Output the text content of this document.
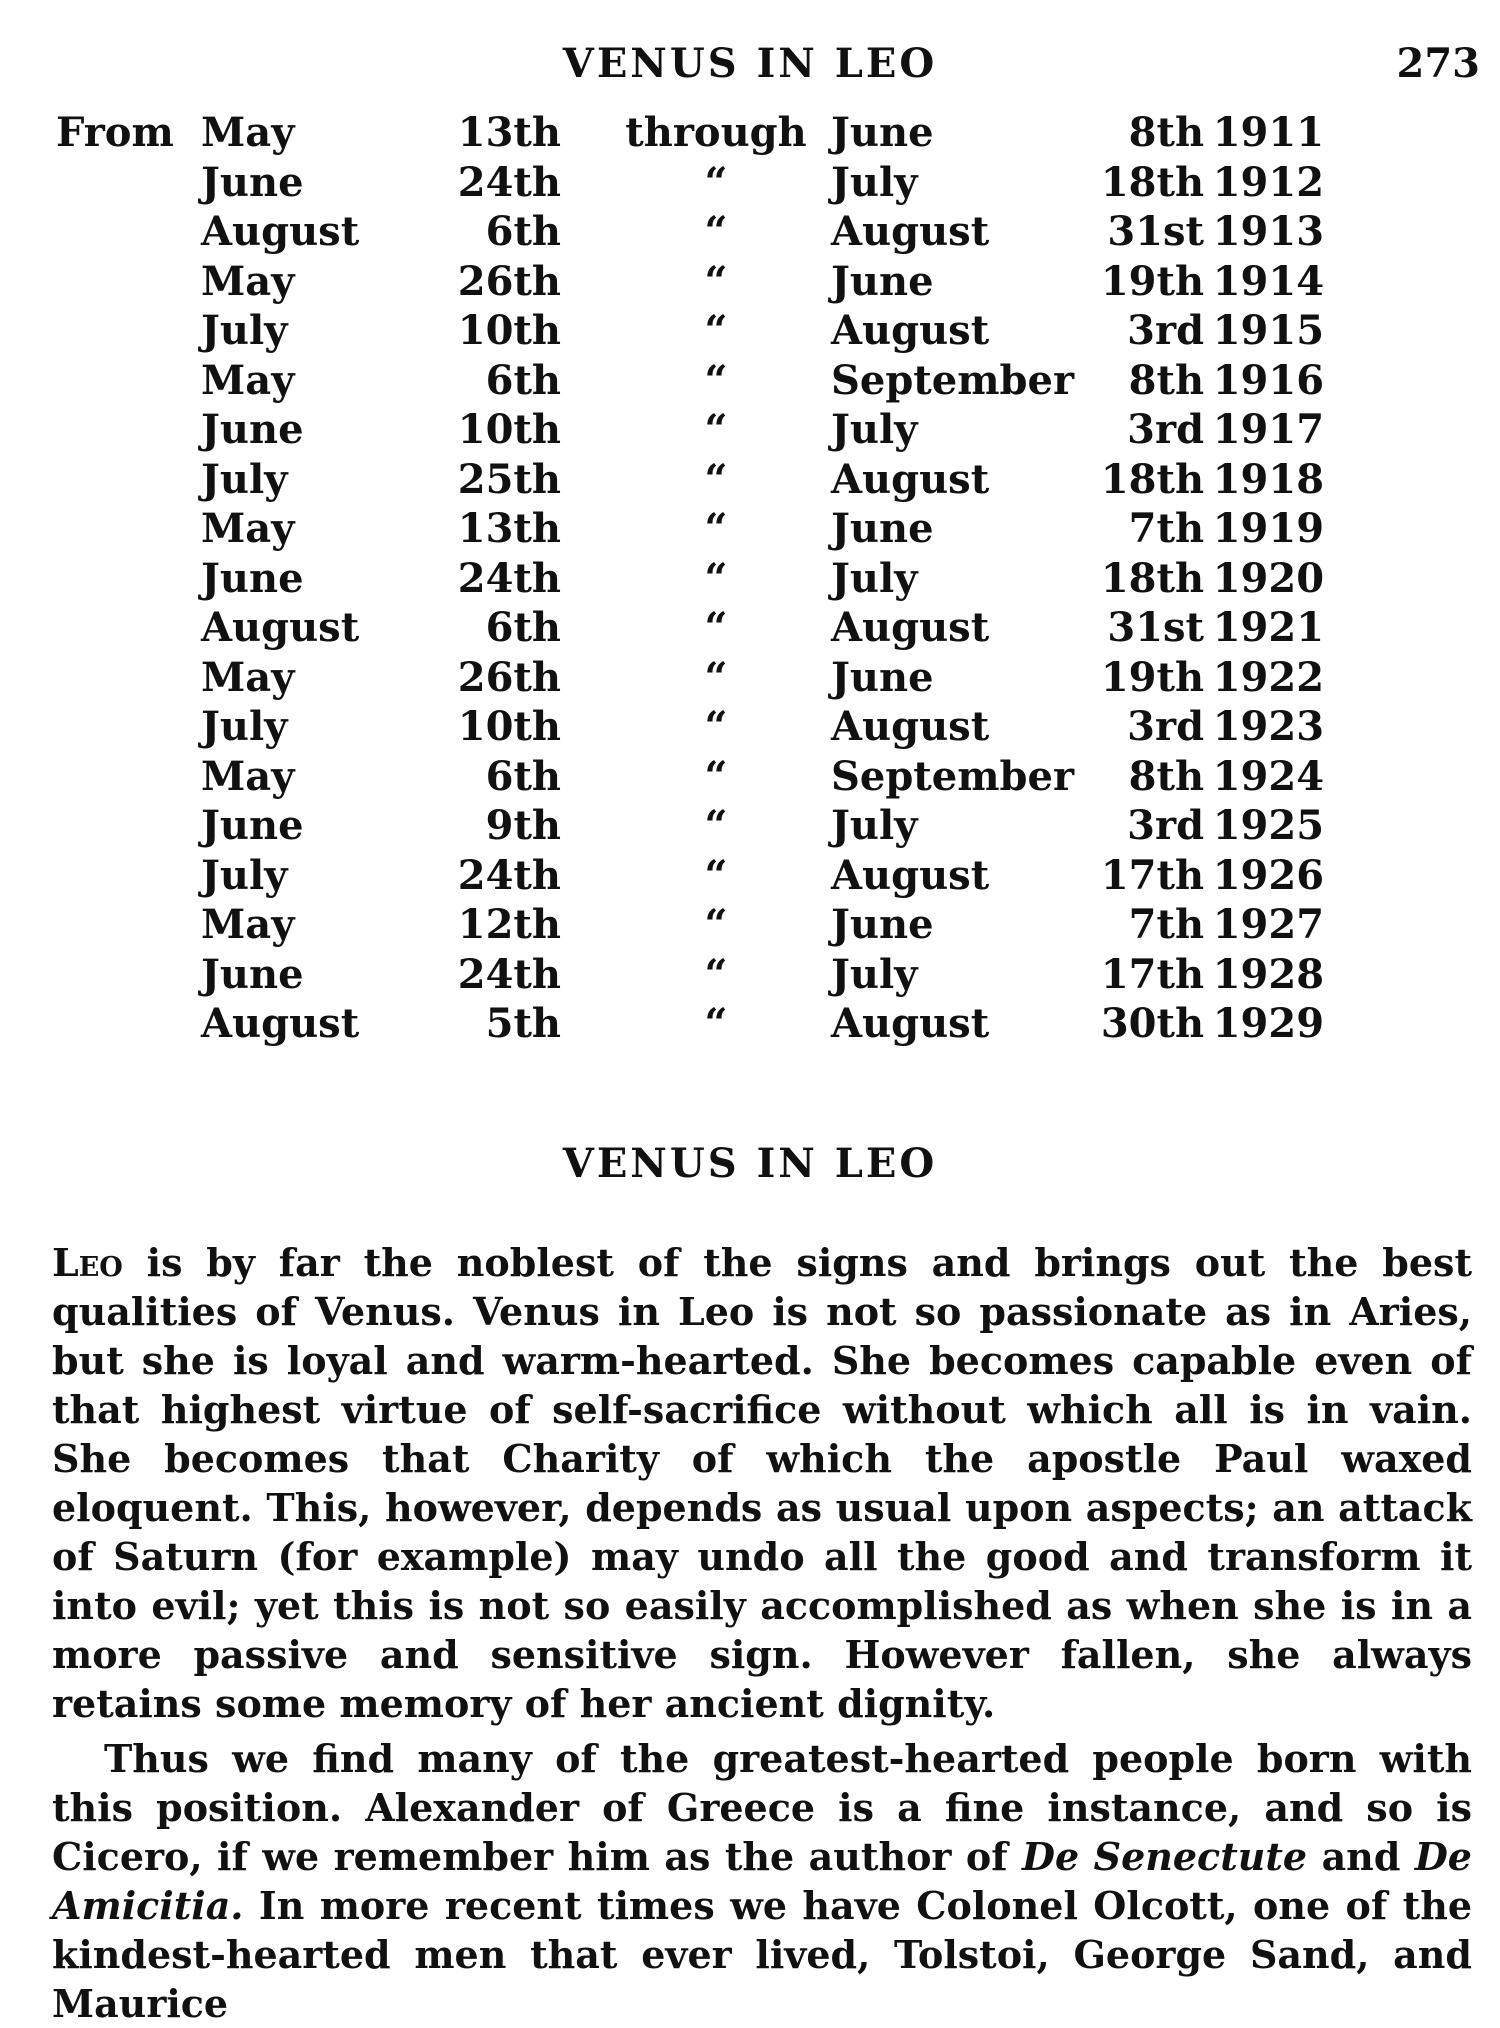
VENUS IN LEO	273
From	May	13th	through	June	8th	1911
	June	24th	“	July	18th	1912
	August	6th	“	August	31st	1913
	May	26th	“	June	19th	1914
	July	10th	“	August	3rd	1915
	May	6th	“	September	8th	1916
	June	10th	“	July	3rd	1917
	July	25th	“	August	18th	1918
	May	13th	“	June	7th	1919
	June	24th	“	July	18th	1920
	August	6th	“	August	31st	1921
	May	26th	“	June	19th	1922
	July	10th	“	August	3rd	1923
	May	6th	“	September	8th	1924
	June	9th	“	July	3rd	1925
	July	24th	“	August	17th	1926
	May	12th	“	June	7th	1927
	June	24th	“	July	17th	1928
	August	5th	“	August	30th	1929
VENUS IN LEO

Leo is by far the noblest of the signs and brings out the best qualities of Venus. Venus in Leo is not so passionate as in Aries, but she is loyal and warm-hearted. She becomes capable even of that highest virtue of self-sacrifice without which all is in vain. She becomes that Charity of which the apostle Paul waxed eloquent. This, however, depends as usual upon aspects; an attack of Saturn (for example) may undo all the good and transform it into evil; yet this is not so easily accomplished as when she is in a more passive and sensitive sign. However fallen, she always retains some memory of her ancient dignity.

Thus we find many of the greatest-hearted people born with this position. Alexander of Greece is a fine instance, and so is Cicero, if we remember him as the author of De Senectute and De Amicitia. In more recent times we have Colonel Olcott, one of the kindest-hearted men that ever lived, Tolstoi, George Sand, and Maurice
